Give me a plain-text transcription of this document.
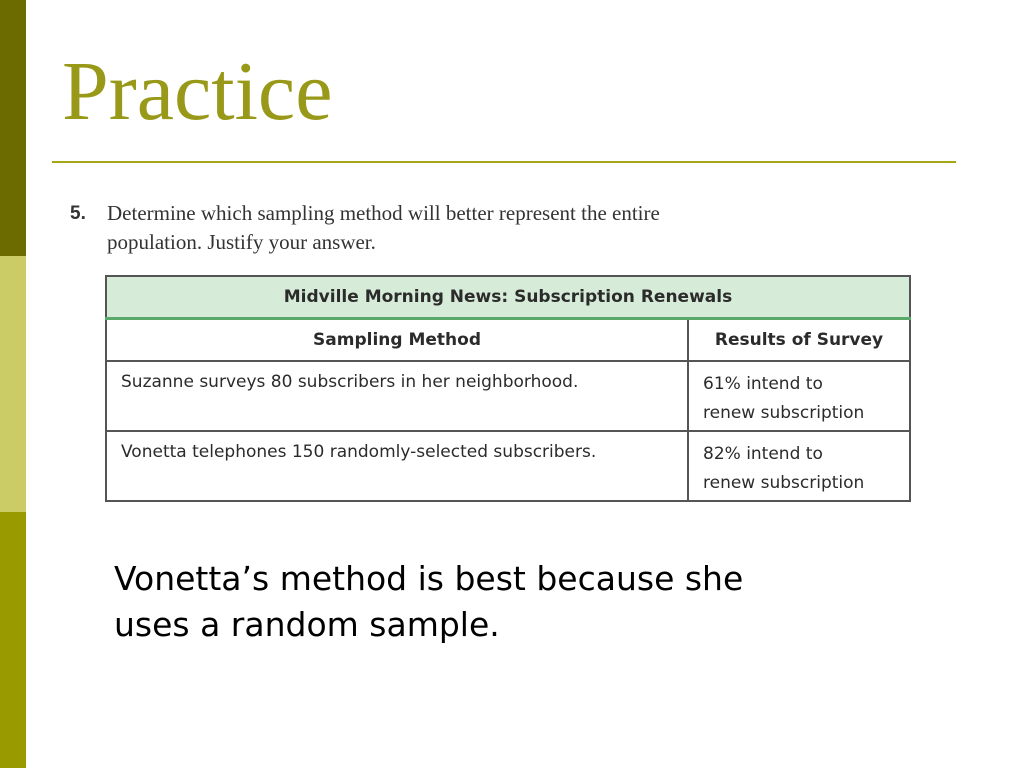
Practice
5. Determine which sampling method will better represent the entire
population. Justify your answer.
Midville Morning News: Subscription Renewals	
Sampling Method	Results of Survey
Suzanne surveys 80 subscribers in her neighborhood.	61% intend to
renew subscription

Vonetta telephones 150 randomly-selected subscribers.	82% intend to
renew subscription

Vonetta’s method is best because she
uses a random sample.
